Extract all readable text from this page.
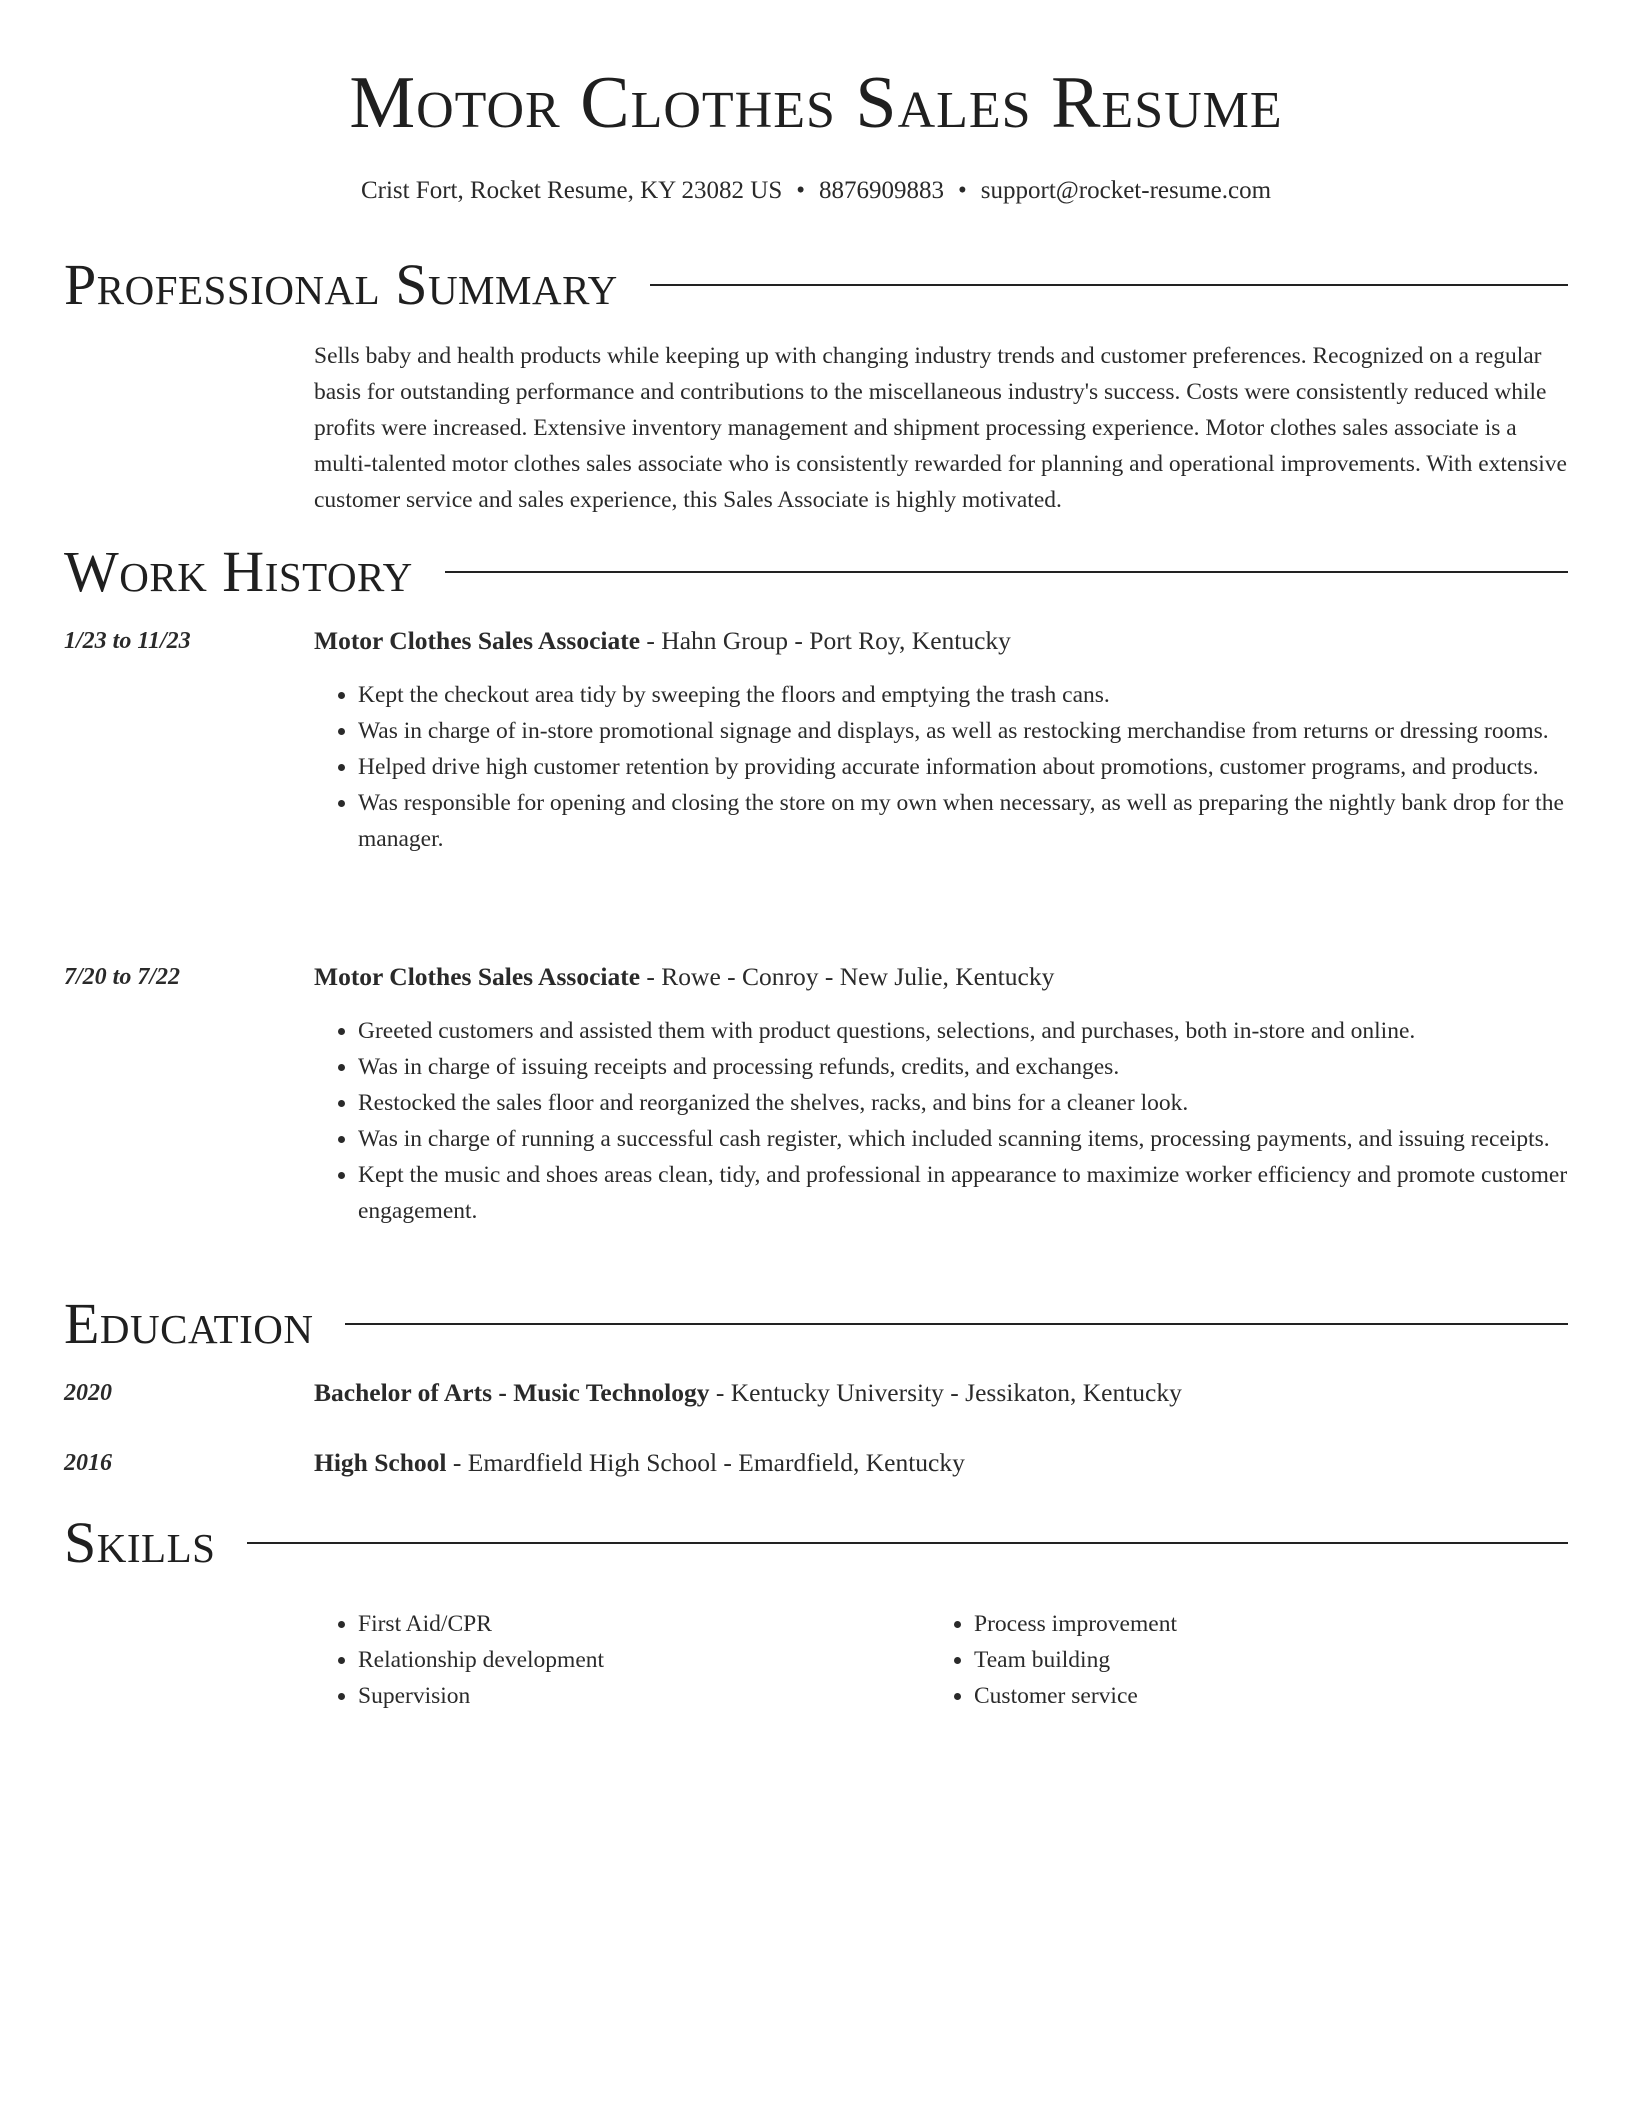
Motor Clothes Sales Resume
Crist Fort, Rocket Resume, KY 23082 US • 8876909883 • support@rocket-resume.com
Professional Summary

Sells baby and health products while keeping up with changing industry trends and customer preferences. Recognized on a regular basis for outstanding performance and contributions to the miscellaneous industry's success. Costs were consistently reduced while profits were increased. Extensive inventory management and shipment processing experience. Motor clothes sales associate is a multi-talented motor clothes sales associate who is consistently rewarded for planning and operational improvements. With extensive customer service and sales experience, this Sales Associate is highly motivated.

Work History
1/23 to 11/23	Motor Clothes Sales Associate - Hahn Group - Port Roy, Kentucky
• Kept the checkout area tidy by sweeping the floors and emptying the trash cans.
• Was in charge of in-store promotional signage and displays, as well as restocking merchandise from returns or dressing rooms.
• Helped drive high customer retention by providing accurate information about promotions, customer programs, and products.
• Was responsible for opening and closing the store on my own when necessary, as well as preparing the nightly bank drop for the manager.
7/20 to 7/22	Motor Clothes Sales Associate - Rowe - Conroy - New Julie, Kentucky
• Greeted customers and assisted them with product questions, selections, and purchases, both in-store and online.
• Was in charge of issuing receipts and processing refunds, credits, and exchanges.
• Restocked the sales floor and reorganized the shelves, racks, and bins for a cleaner look.
• Was in charge of running a successful cash register, which included scanning items, processing payments, and issuing receipts.
• Kept the music and shoes areas clean, tidy, and professional in appearance to maximize worker efficiency and promote customer engagement.
Education
2020	Bachelor of Arts - Music Technology - Kentucky University - Jessikaton, Kentucky
2016	High School - Emardfield High School - Emardfield, Kentucky
Skills
• First Aid/CPR
• Relationship development
• Supervision
• Process improvement
• Team building
• Customer service
